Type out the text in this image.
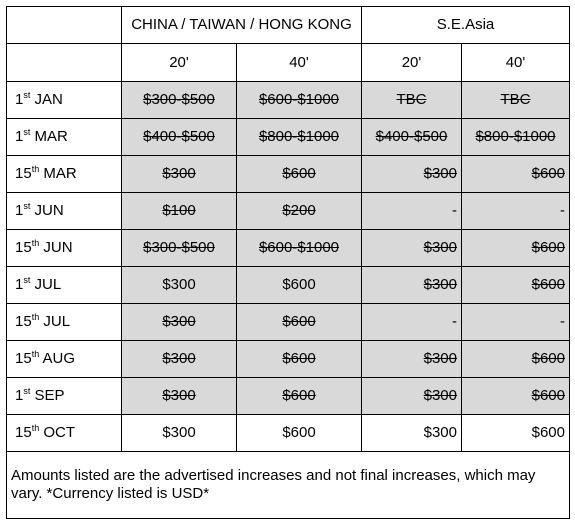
	CHINA / TAIWAN / HONG KONG		S.E.Asia	
	20'	40'	20'	40'
1st JAN	$300-$500	$600-$1000	TBC	TBC
1st MAR	$400-$500	$800-$1000	$400-$500	$800-$1000
15th MAR	$300	$600	$300	$600
1st JUN	$100	$200	-	-
15th JUN	$300-$500	$600-$1000	$300	$600
1st JUL	$300	$600	$300	$600
15th JUL	$300	$600	-	-
15th AUG	$300	$600	$300	$600
1st SEP	$300	$600	$300	$600
15th OCT	$300	$600	$300	$600
Amounts listed are the advertised increases and not final increases, which may vary. *Currency listed is USD*				
